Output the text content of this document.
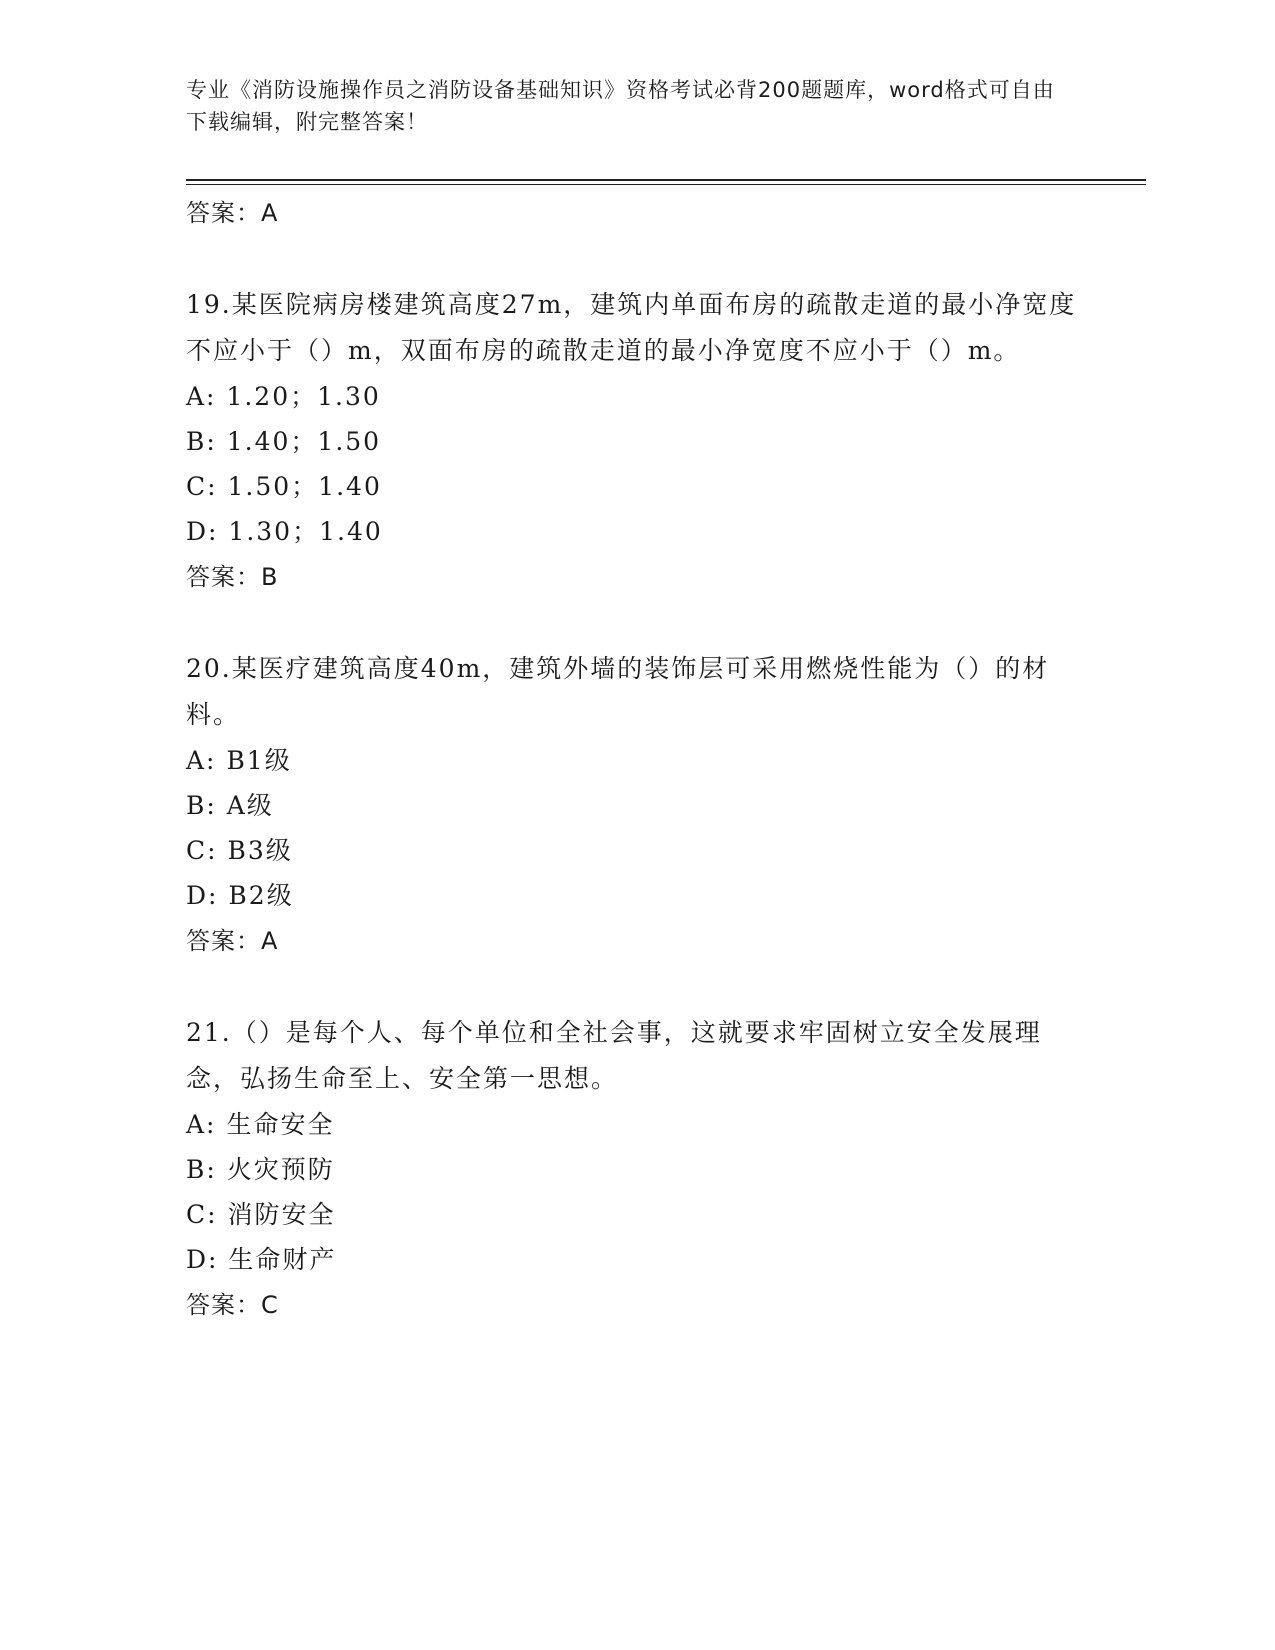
专业《消防设施操作员之消防设备基础知识》资格考试必背200题题库，word格式可自由下载编辑，附完整答案！

答案：A

19.某医院病房楼建筑高度27m，建筑内单面布房的疏散走道的最小净宽度不应小于（）m，双面布房的疏散走道的最小净宽度不应小于（）m。

A: 1.20；1.30

B: 1.40；1.50

C: 1.50；1.40

D: 1.30；1.40

答案：B

20.某医疗建筑高度40m，建筑外墙的装饰层可采用燃烧性能为（）的材料。

A: B1级

B: A级

C: B3级

D: B2级

答案：A

21.（）是每个人、每个单位和全社会事，这就要求牢固树立安全发展理念，弘扬生命至上、安全第一思想。

A: 生命安全

B: 火灾预防

C: 消防安全

D: 生命财产

答案：C
